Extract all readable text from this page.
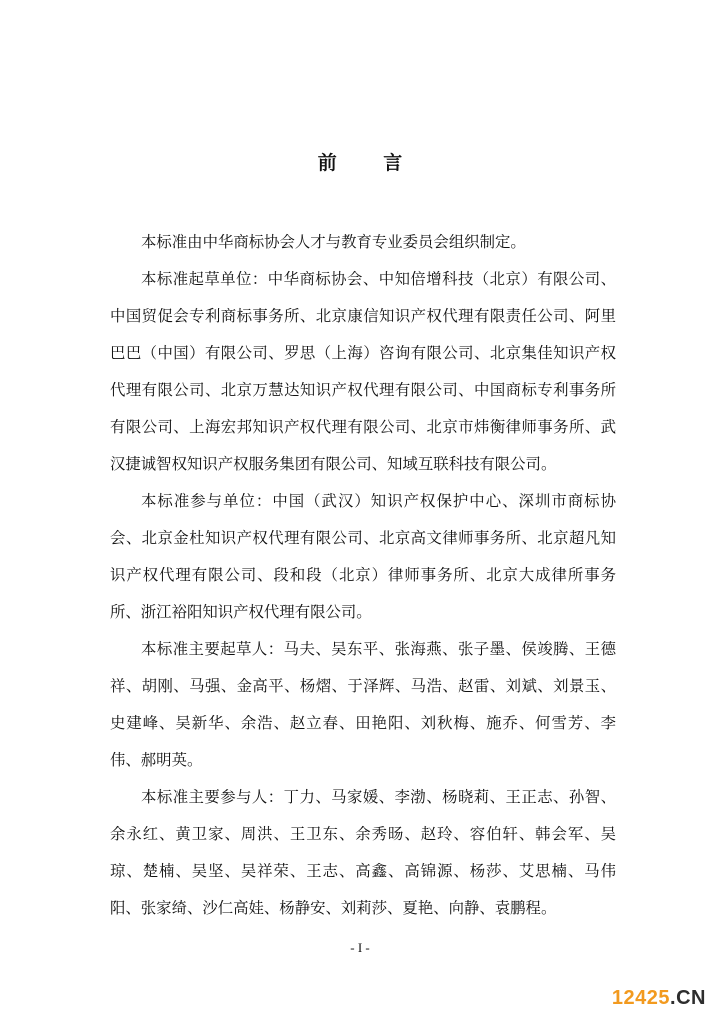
前 言

本标准由中华商标协会人才与教育专业委员会组织制定。

本标准起草单位：中华商标协会、中知倍增科技（北京）有限公司、中国贸促会专利商标事务所、北京康信知识产权代理有限责任公司、阿里巴巴（中国）有限公司、罗思（上海）咨询有限公司、北京集佳知识产权代理有限公司、北京万慧达知识产权代理有限公司、中国商标专利事务所有限公司、上海宏邦知识产权代理有限公司、北京市炜衡律师事务所、武汉捷诚智权知识产权服务集团有限公司、知域互联科技有限公司。

本标准参与单位：中国（武汉）知识产权保护中心、深圳市商标协会、北京金杜知识产权代理有限公司、北京高文律师事务所、北京超凡知识产权代理有限公司、段和段（北京）律师事务所、北京大成律所事务所、浙江裕阳知识产权代理有限公司。

本标准主要起草人：马夫、吴东平、张海燕、张子墨、侯竣腾、王德祥、胡刚、马强、金高平、杨熠、于泽辉、马浩、赵雷、刘斌、刘景玉、史建峰、吴新华、余浩、赵立春、田艳阳、刘秋梅、施乔、何雪芳、李伟、郝明英。

本标准主要参与人：丁力、马家媛、李渤、杨晓莉、王正志、孙智、余永红、黄卫家、周洪、王卫东、余秀旸、赵玲、容伯轩、韩会军、吴琼、楚楠、吴坚、吴祥荣、王志、高鑫、高锦源、杨莎、艾思楠、马伟阳、张家绮、沙仁高娃、杨静安、刘莉莎、夏艳、向静、袁鹏程。

- I -
12425.CN
